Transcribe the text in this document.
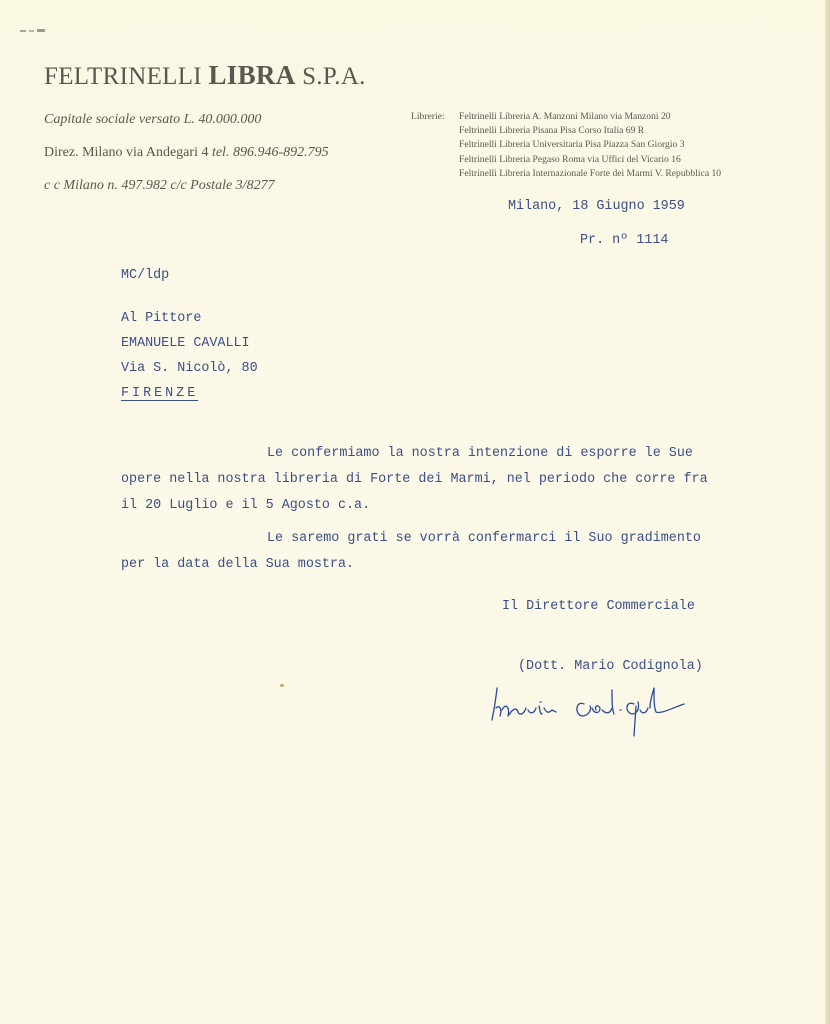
FELTRINELLI LIBRA S.P.A.
Capitale sociale versato L. 40.000.000
Direz. Milano via Andegari 4 tel. 896.946-892.795
c c Milano n. 497.982 c/c Postale 3/8277
Librerie: Feltrinelli Libreria A. Manzoni Milano via Manzoni 20
Feltrinelli Libreria Pisana Pisa Corso Italia 69 R
Feltrinelli Libreria Universitaria Pisa Piazza San Giorgio 3
Feltrinelli Libreria Pegaso Roma via Uffici del Vicario 16
Feltrinelli Libreria Internazionale Forte dei Marmi V. Repubblica 10
Milano, 18 Giugno 1959
Pr. nº 1114
MC/ldp
Al Pittore
EMANUELE CAVALLI
Via S. Nicolò, 80
FIRENZE
Le confermiamo la nostra intenzione di esporre le Sue
opere nella nostra libreria di Forte dei Marmi, nel periodo che corre fra
il 20 Luglio e il 5 Agosto c.a.
Le saremo grati se vorrà confermarci il Suo gradimento
per la data della Sua mostra.
Il Direttore Commerciale
(Dott. Mario Codignola)
